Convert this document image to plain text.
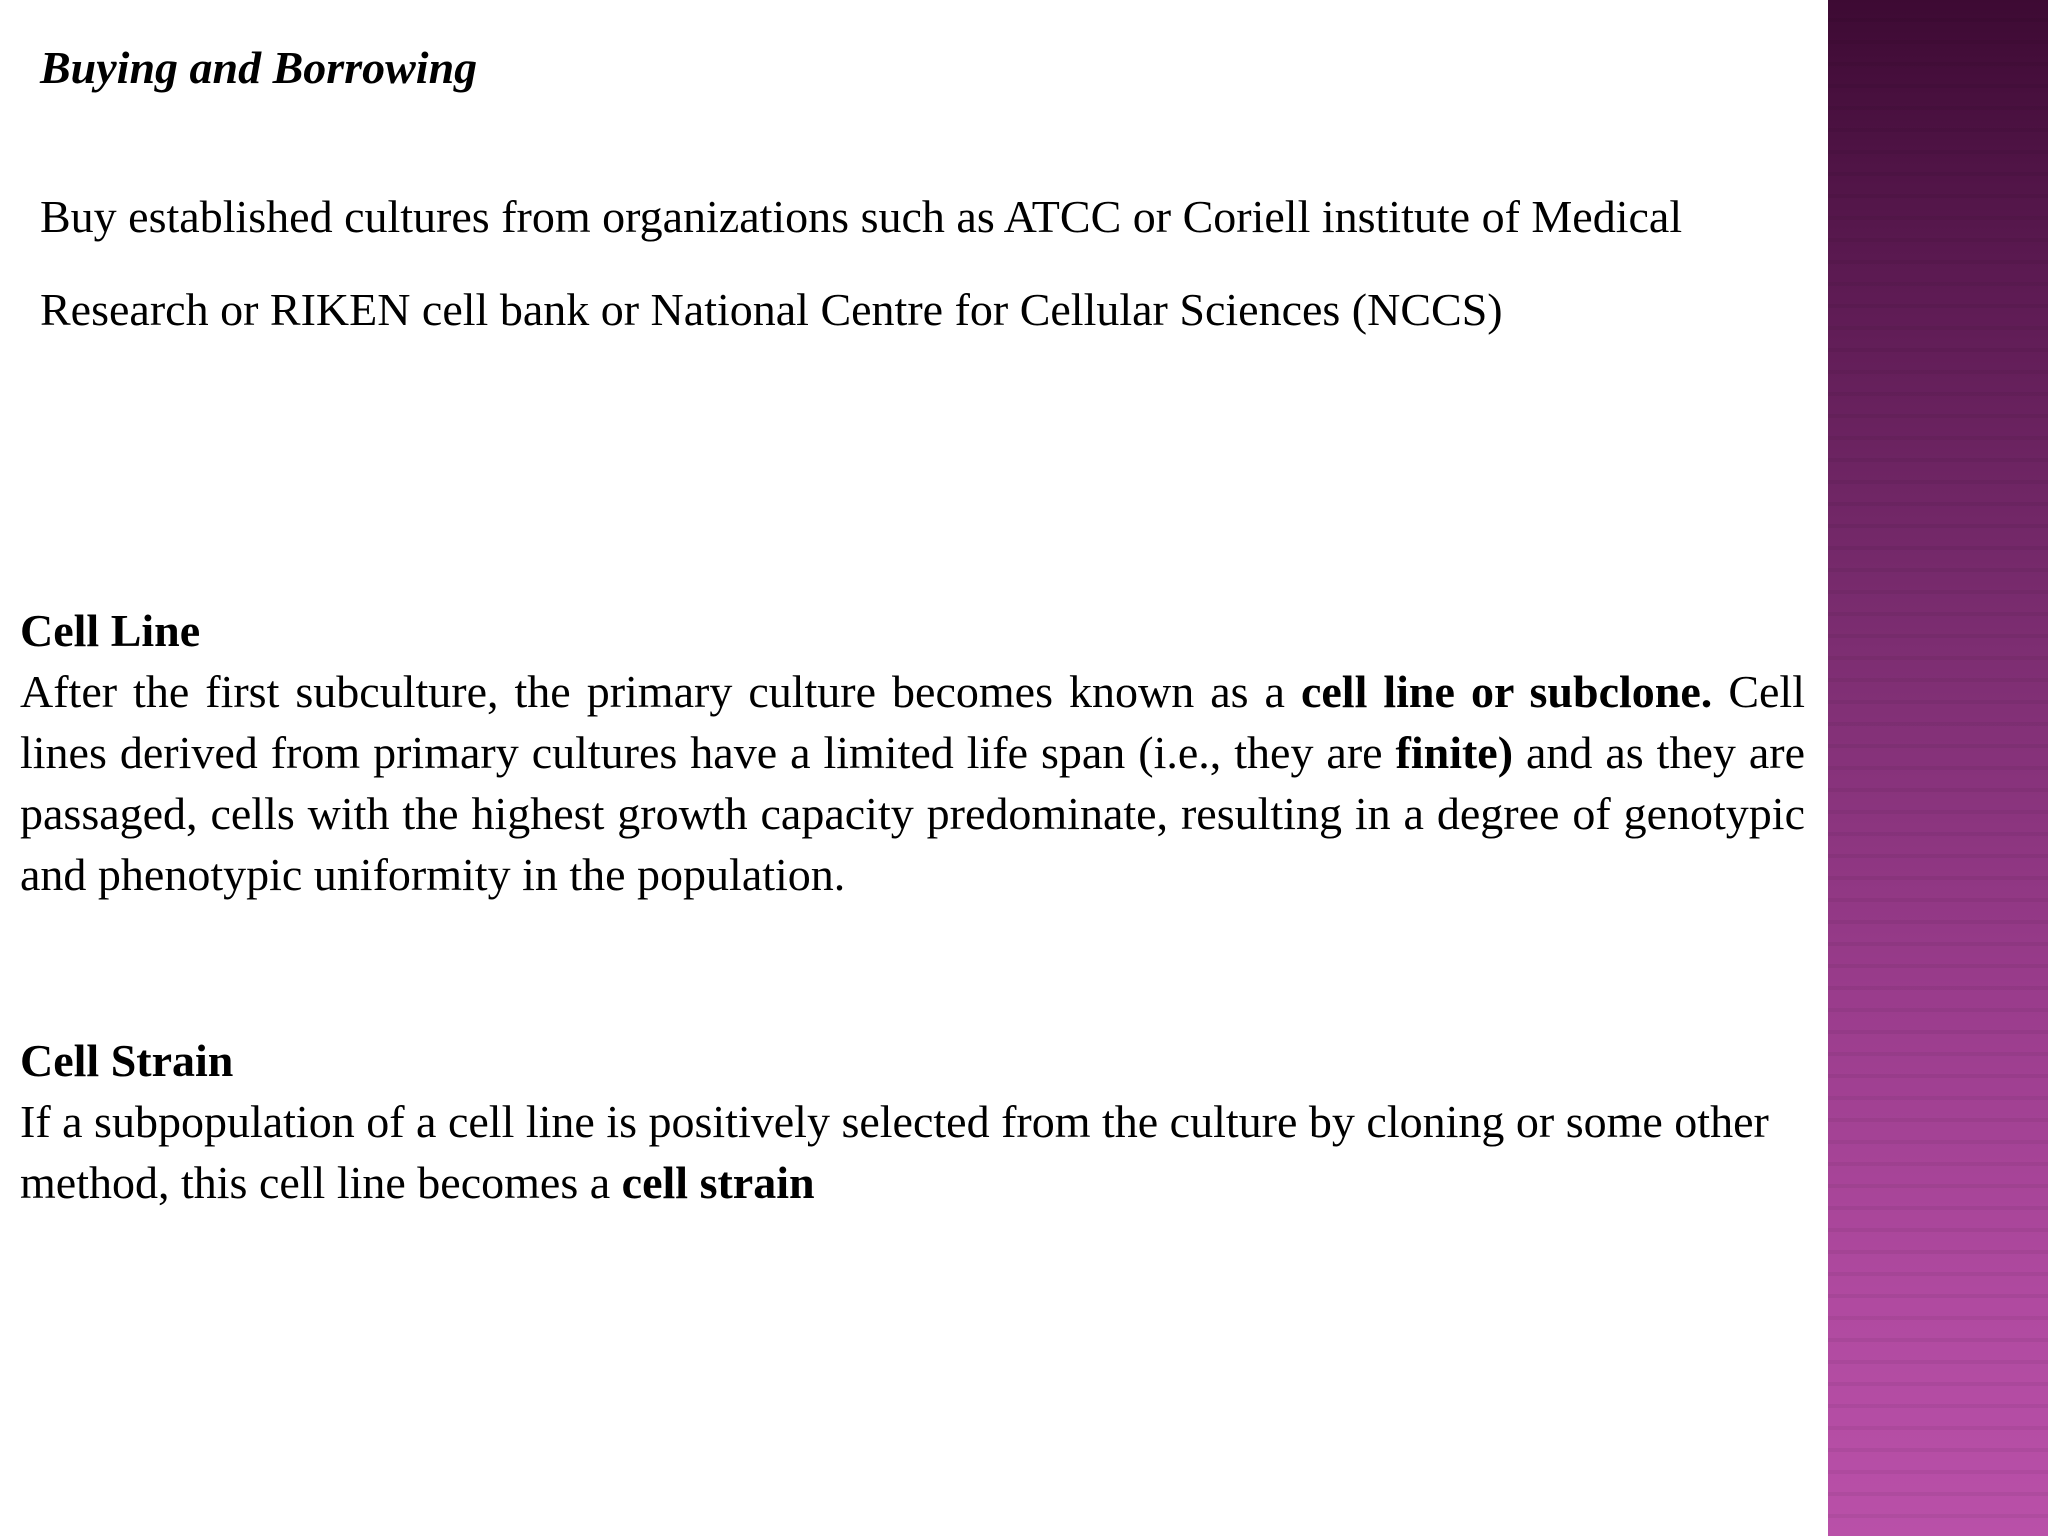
Buying and Borrowing

Buy established cultures from organizations such as ATCC or Coriell institute of Medical Research or RIKEN cell bank or National Centre for Cellular Sciences (NCCS)

Cell Line
After the first subculture, the primary culture becomes known as a cell line or subclone. Cell lines derived from primary cultures have a limited life span (i.e., they are finite) and as they are passaged, cells with the highest growth capacity predominate, resulting in a degree of genotypic and phenotypic uniformity in the population.
Cell Strain
If a subpopulation of a cell line is positively selected from the culture by cloning or some other method, this cell line becomes a cell strain
